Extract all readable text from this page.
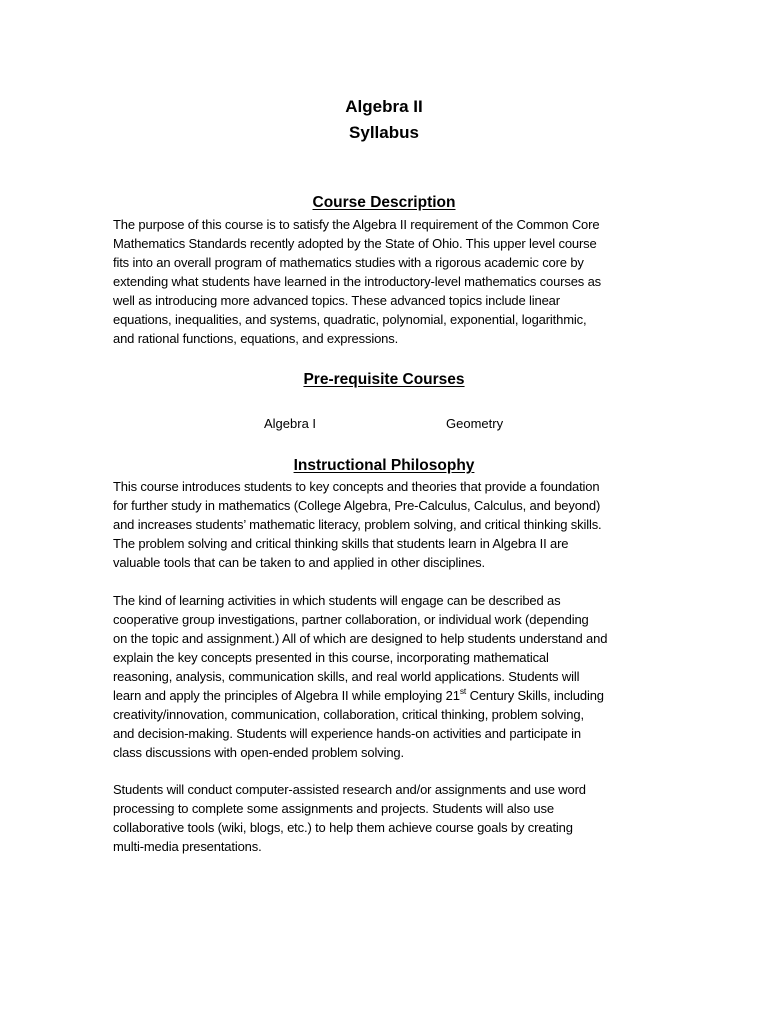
Algebra II
Syllabus
Course Description
The purpose of this course is to satisfy the Algebra II requirement of the Common Core
Mathematics Standards recently adopted by the State of Ohio. This upper level course
fits into an overall program of mathematics studies with a rigorous academic core by
extending what students have learned in the introductory-level mathematics courses as
well as introducing more advanced topics. These advanced topics include linear
equations, inequalities, and systems, quadratic, polynomial, exponential, logarithmic,
and rational functions, equations, and expressions.
Pre-requisite Courses
Algebra I	Geometry
Instructional Philosophy
This course introduces students to key concepts and theories that provide a foundation
for further study in mathematics (College Algebra, Pre-Calculus, Calculus, and beyond)
and increases students’ mathematic literacy, problem solving, and critical thinking skills.
The problem solving and critical thinking skills that students learn in Algebra II are
valuable tools that can be taken to and applied in other disciplines.
The kind of learning activities in which students will engage can be described as
cooperative group investigations, partner collaboration, or individual work (depending
on the topic and assignment.) All of which are designed to help students understand and
explain the key concepts presented in this course, incorporating mathematical
reasoning, analysis, communication skills, and real world applications. Students will
learn and apply the principles of Algebra II while employing 21st Century Skills, including
creativity/innovation, communication, collaboration, critical thinking, problem solving,
and decision-making. Students will experience hands-on activities and participate in
class discussions with open-ended problem solving.
Students will conduct computer-assisted research and/or assignments and use word
processing to complete some assignments and projects. Students will also use
collaborative tools (wiki, blogs, etc.) to help them achieve course goals by creating
multi-media presentations.
